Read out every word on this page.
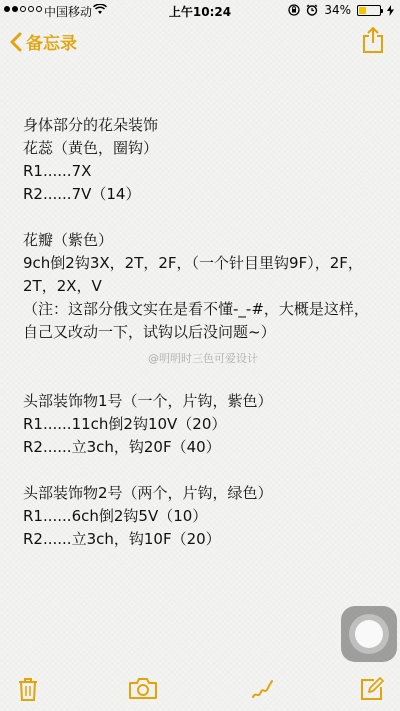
中国移动	上午10:24	34%
备忘录
身体部分的花朵装饰
花蕊（黄色，圈钩）
R1......7X
R2......7V（14）
花瓣（紫色）
9ch倒2钩3X，2T，2F，（一个针目里钩9F），2F，2T，2X，V
（注：这部分俄文实在是看不懂-_-#，大概是这样，自己又改动一下，试钩以后没问题~）
头部装饰物1号（一个，片钩，紫色）
R1......11ch倒2钩10V（20）
R2......立3ch，钩20F（40）
头部装饰物2号（两个，片钩，绿色）
R1......6ch倒2钩5V（10）
R2......立3ch，钩10F（20）
@明明时三色可爱设计
